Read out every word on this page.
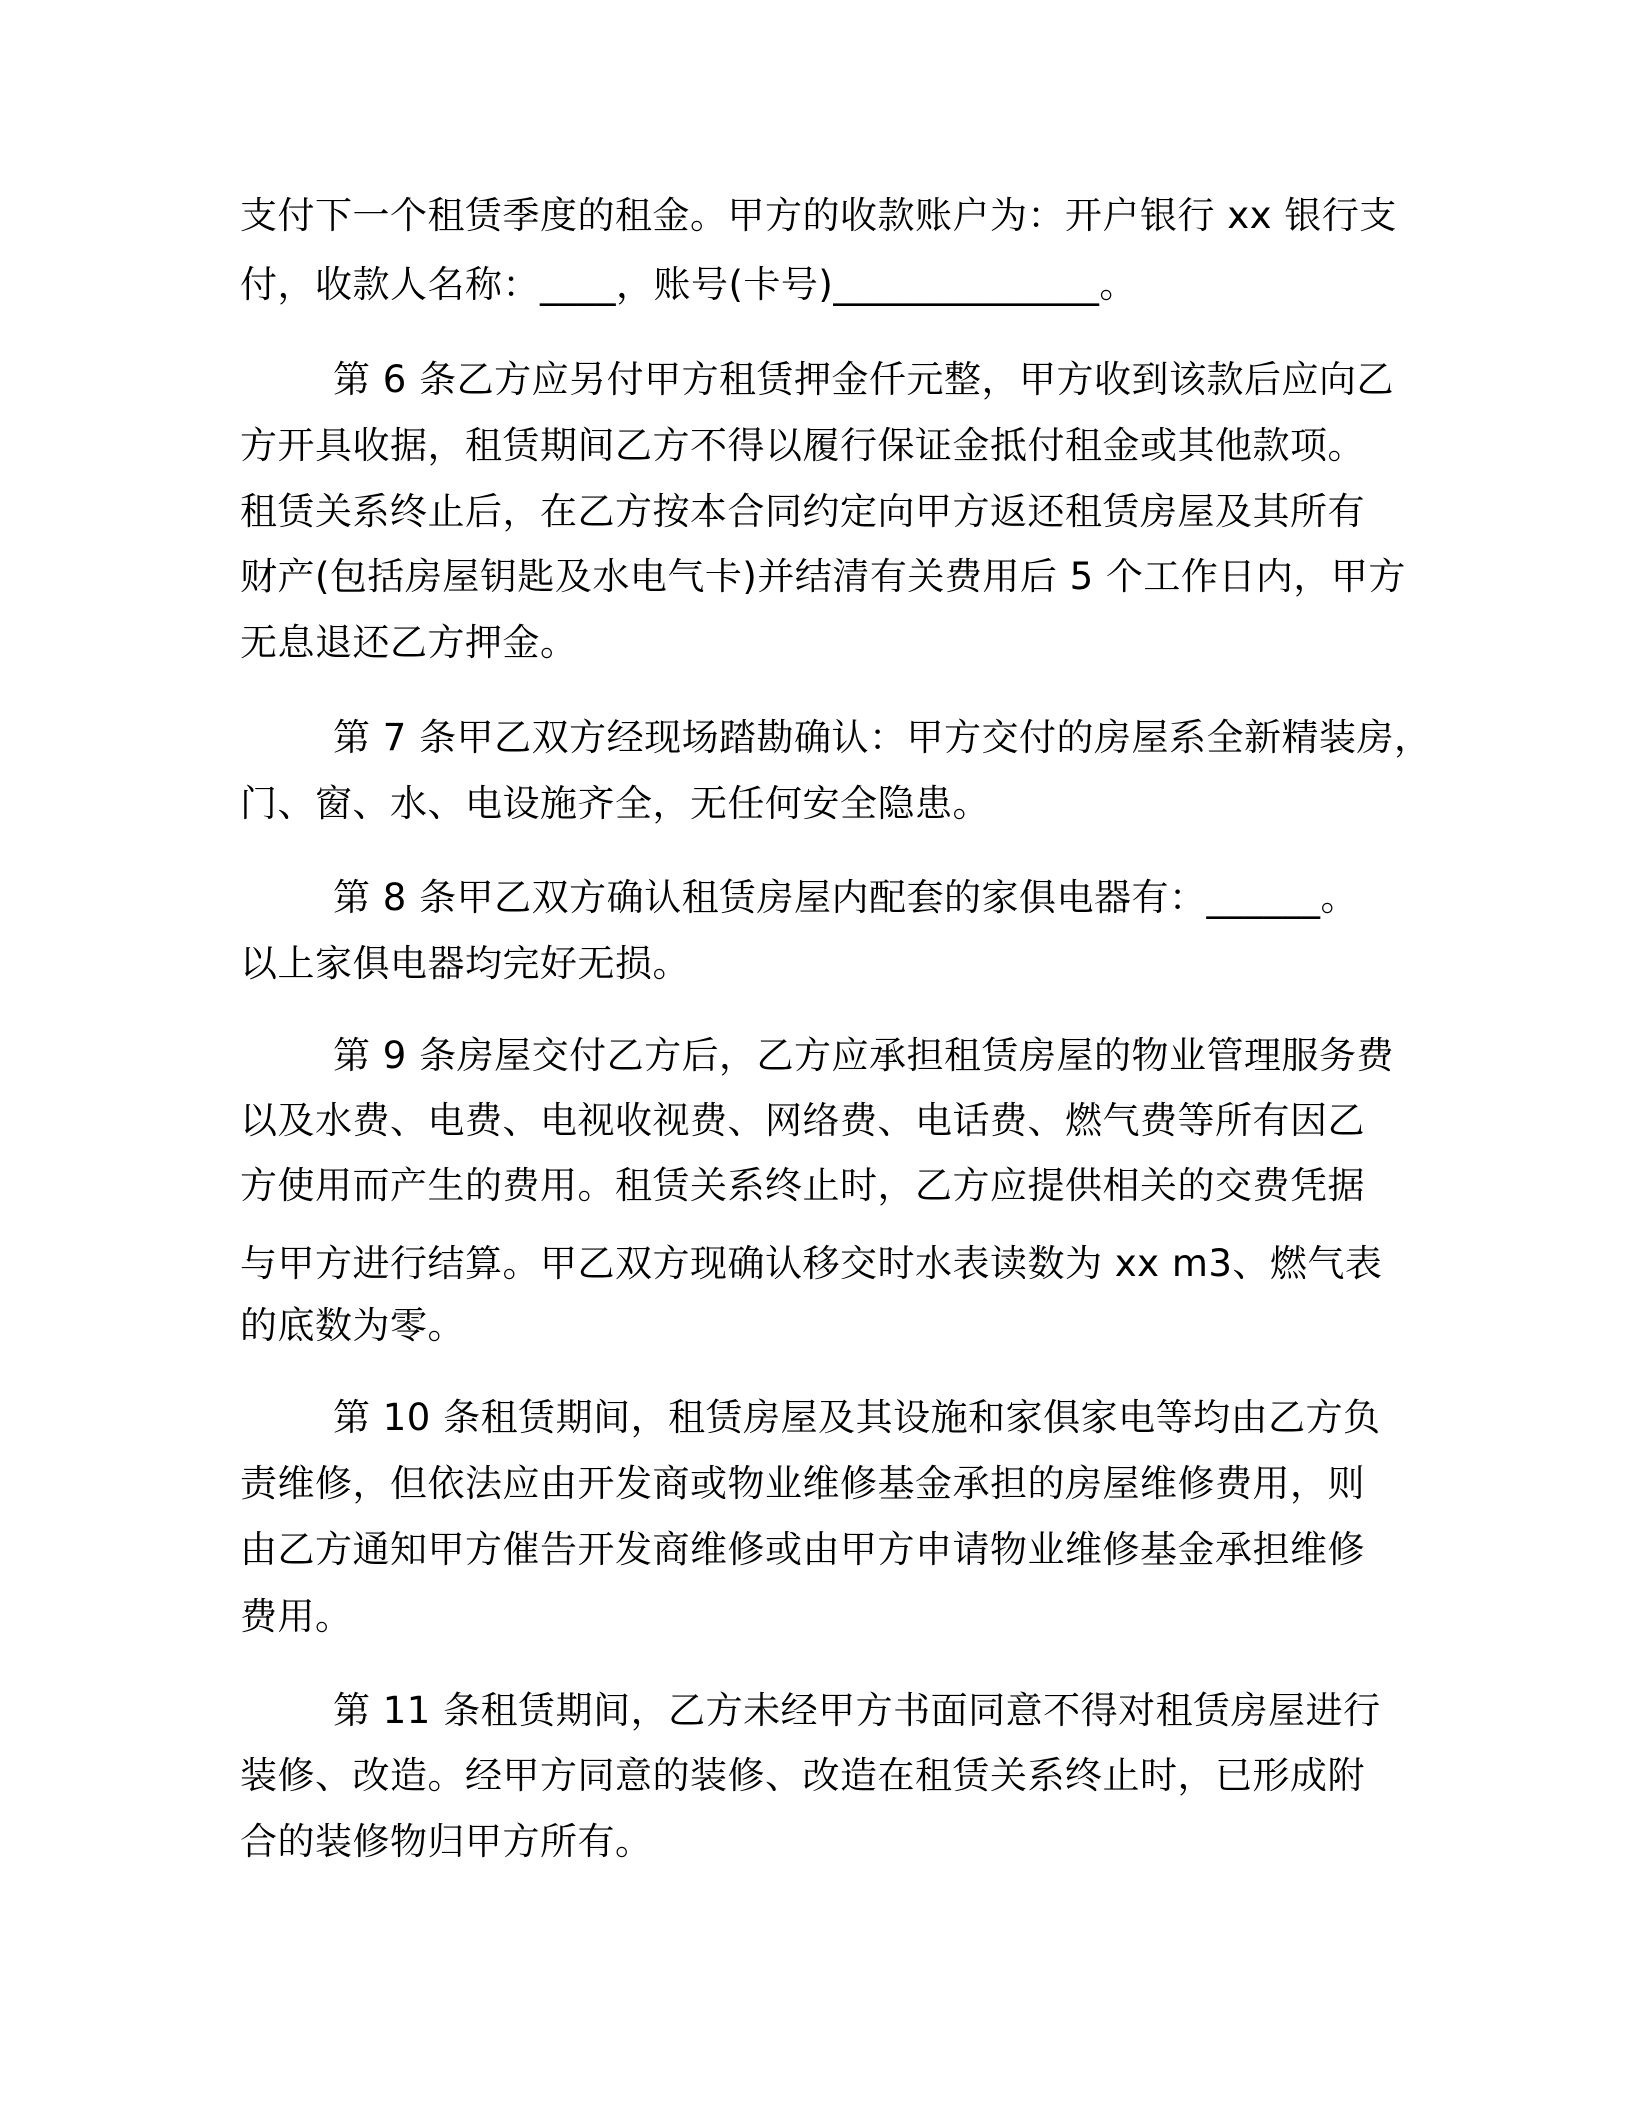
支付下一个租赁季度的租金。甲方的收款账户为：开户银行 xx 银行支
付，收款人名称：____，账号(卡号)______________。
第 6 条乙方应另付甲方租赁押金仟元整，甲方收到该款后应向乙
方开具收据，租赁期间乙方不得以履行保证金抵付租金或其他款项。
租赁关系终止后，在乙方按本合同约定向甲方返还租赁房屋及其所有
财产(包括房屋钥匙及水电气卡)并结清有关费用后 5 个工作日内，甲方
无息退还乙方押金。
第 7 条甲乙双方经现场踏勘确认：甲方交付的房屋系全新精装房，
门、窗、水、电设施齐全，无任何安全隐患。
第 8 条甲乙双方确认租赁房屋内配套的家俱电器有：______。
以上家俱电器均完好无损。
第 9 条房屋交付乙方后，乙方应承担租赁房屋的物业管理服务费
以及水费、电费、电视收视费、网络费、电话费、燃气费等所有因乙
方使用而产生的费用。租赁关系终止时，乙方应提供相关的交费凭据
与甲方进行结算。甲乙双方现确认移交时水表读数为 xx m3、燃气表
的底数为零。
第 10 条租赁期间，租赁房屋及其设施和家俱家电等均由乙方负
责维修，但依法应由开发商或物业维修基金承担的房屋维修费用，则
由乙方通知甲方催告开发商维修或由甲方申请物业维修基金承担维修
费用。
第 11 条租赁期间，乙方未经甲方书面同意不得对租赁房屋进行
装修、改造。经甲方同意的装修、改造在租赁关系终止时，已形成附
合的装修物归甲方所有。
